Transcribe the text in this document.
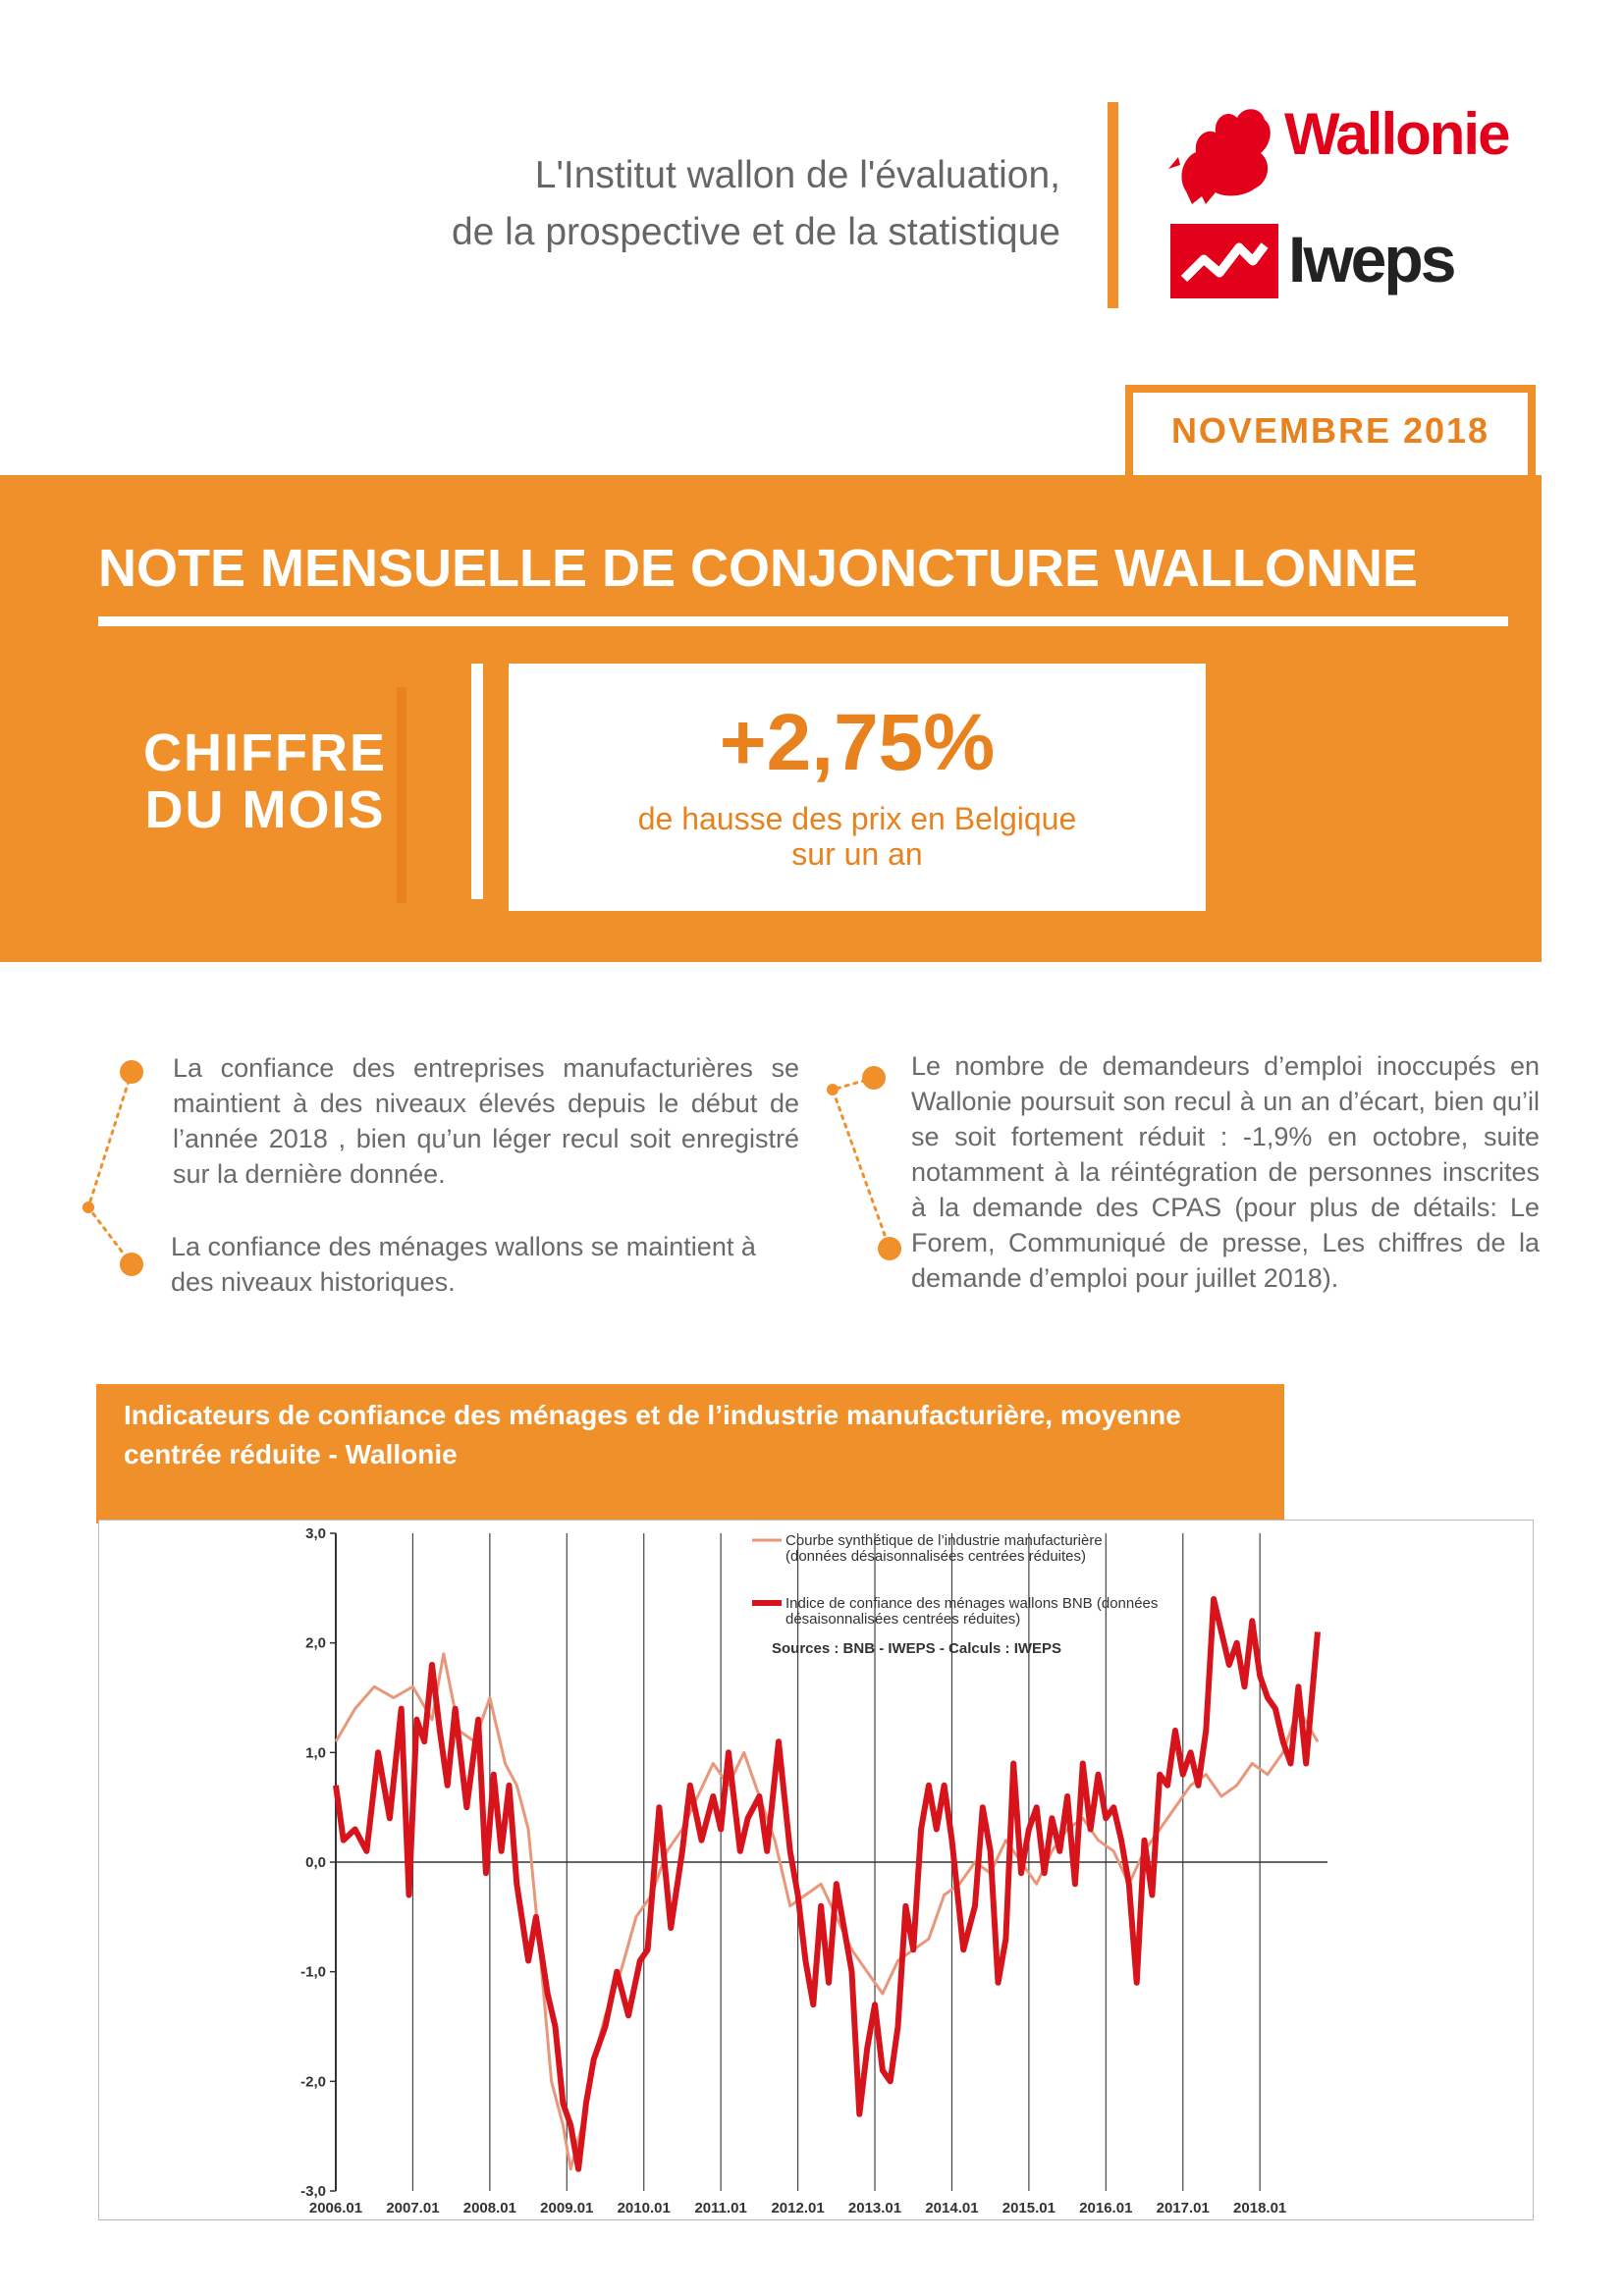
L'Institut wallon de l'évaluation,
de la prospective et de la statistique
Wallonie
Iweps
NOVEMBRE 2018
NOTE MENSUELLE DE CONJONCTURE WALLONNE
CHIFFRE
DU MOIS
+2,75%
de hausse des prix en Belgique
sur un an
La confiance des entreprises manufacturières se maintient à des niveaux élevés depuis le début de l’année 2018 , bien qu’un léger recul soit enregistré sur la dernière donnée.
La confiance des ménages wallons se maintient à des niveaux historiques.
Le nombre de demandeurs d’emploi inoccupés en Wallonie poursuit son recul à un an d’écart, bien qu’il se soit fortement réduit : -1,9% en octobre, suite notamment à la réintégration de personnes inscrites à la demande des CPAS (pour plus de détails: Le Forem, Communiqué de presse, Les chiffres de la demande d’emploi pour juillet 2018).
Indicateurs de confiance des ménages et de l’industrie manufacturière, moyenne
centrée réduite - Wallonie
3,0
2,0
1,0
0,0
-1,0
-2,0
-3,0
2006.01 2007.01 2008.01 2009.01 2010.01 2011.01 2012.01 2013.01 2014.01 2015.01 2016.01 2017.01 2018.01
Courbe synthétique de l’industrie manufacturière
(données désaisonnalisées centrées réduites)
Indice de confiance des ménages wallons BNB (données
désaisonnalisées centrées réduites)
Sources : BNB - IWEPS - Calculs : IWEPS
